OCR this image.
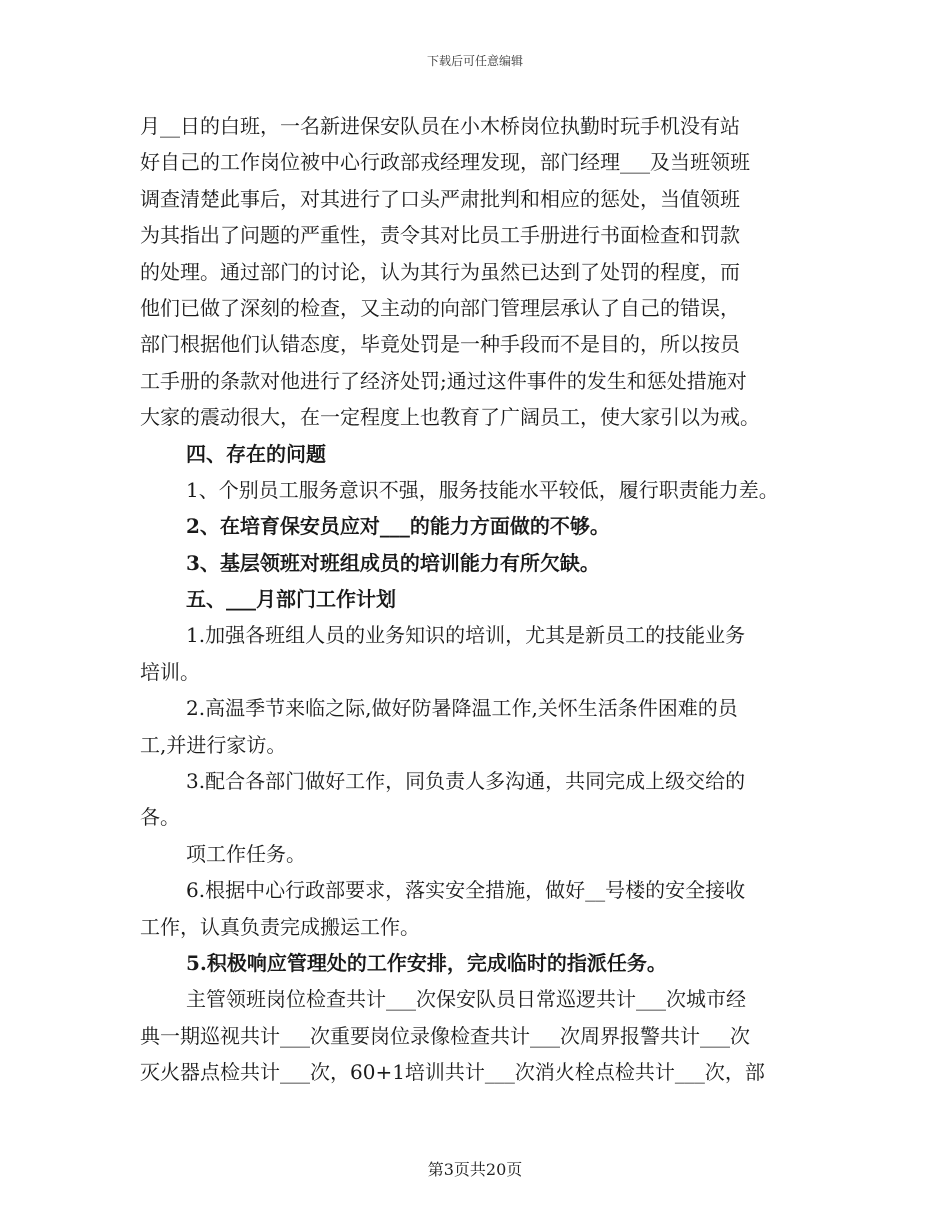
下载后可任意编辑
月__日的白班，一名新进保安队员在小木桥岗位执勤时玩手机没有站
好自己的工作岗位被中心行政部戎经理发现，部门经理___及当班领班
调查清楚此事后，对其进行了口头严肃批判和相应的惩处，当值领班
为其指出了问题的严重性，责令其对比员工手册进行书面检查和罚款
的处理。通过部门的讨论，认为其行为虽然已达到了处罚的程度，而
他们已做了深刻的检查，又主动的向部门管理层承认了自己的错误，
部门根据他们认错态度，毕竟处罚是一种手段而不是目的，所以按员
工手册的条款对他进行了经济处罚;通过这件事件的发生和惩处措施对
大家的震动很大，在一定程度上也教育了广阔员工，使大家引以为戒。
四、存在的问题
1、个别员工服务意识不强，服务技能水平较低，履行职责能力差。
2、在培育保安员应对___的能力方面做的不够。
3、基层领班对班组成员的培训能力有所欠缺。
五、___月部门工作计划
1.加强各班组人员的业务知识的培训，尤其是新员工的技能业务
培训。
2.高温季节来临之际,做好防暑降温工作,关怀生活条件困难的员
工,并进行家访。
3.配合各部门做好工作，同负责人多沟通，共同完成上级交给的
各。
项工作任务。
6.根据中心行政部要求，落实安全措施，做好__号楼的安全接收
工作，认真负责完成搬运工作。
5.积极响应管理处的工作安排，完成临时的指派任务。
主管领班岗位检查共计___次保安队员日常巡逻共计___次城市经
典一期巡视共计___次重要岗位录像检查共计___次周界报警共计___次
灭火器点检共计___次，60+1培训共计___次消火栓点检共计___次，部
第3页共20页
